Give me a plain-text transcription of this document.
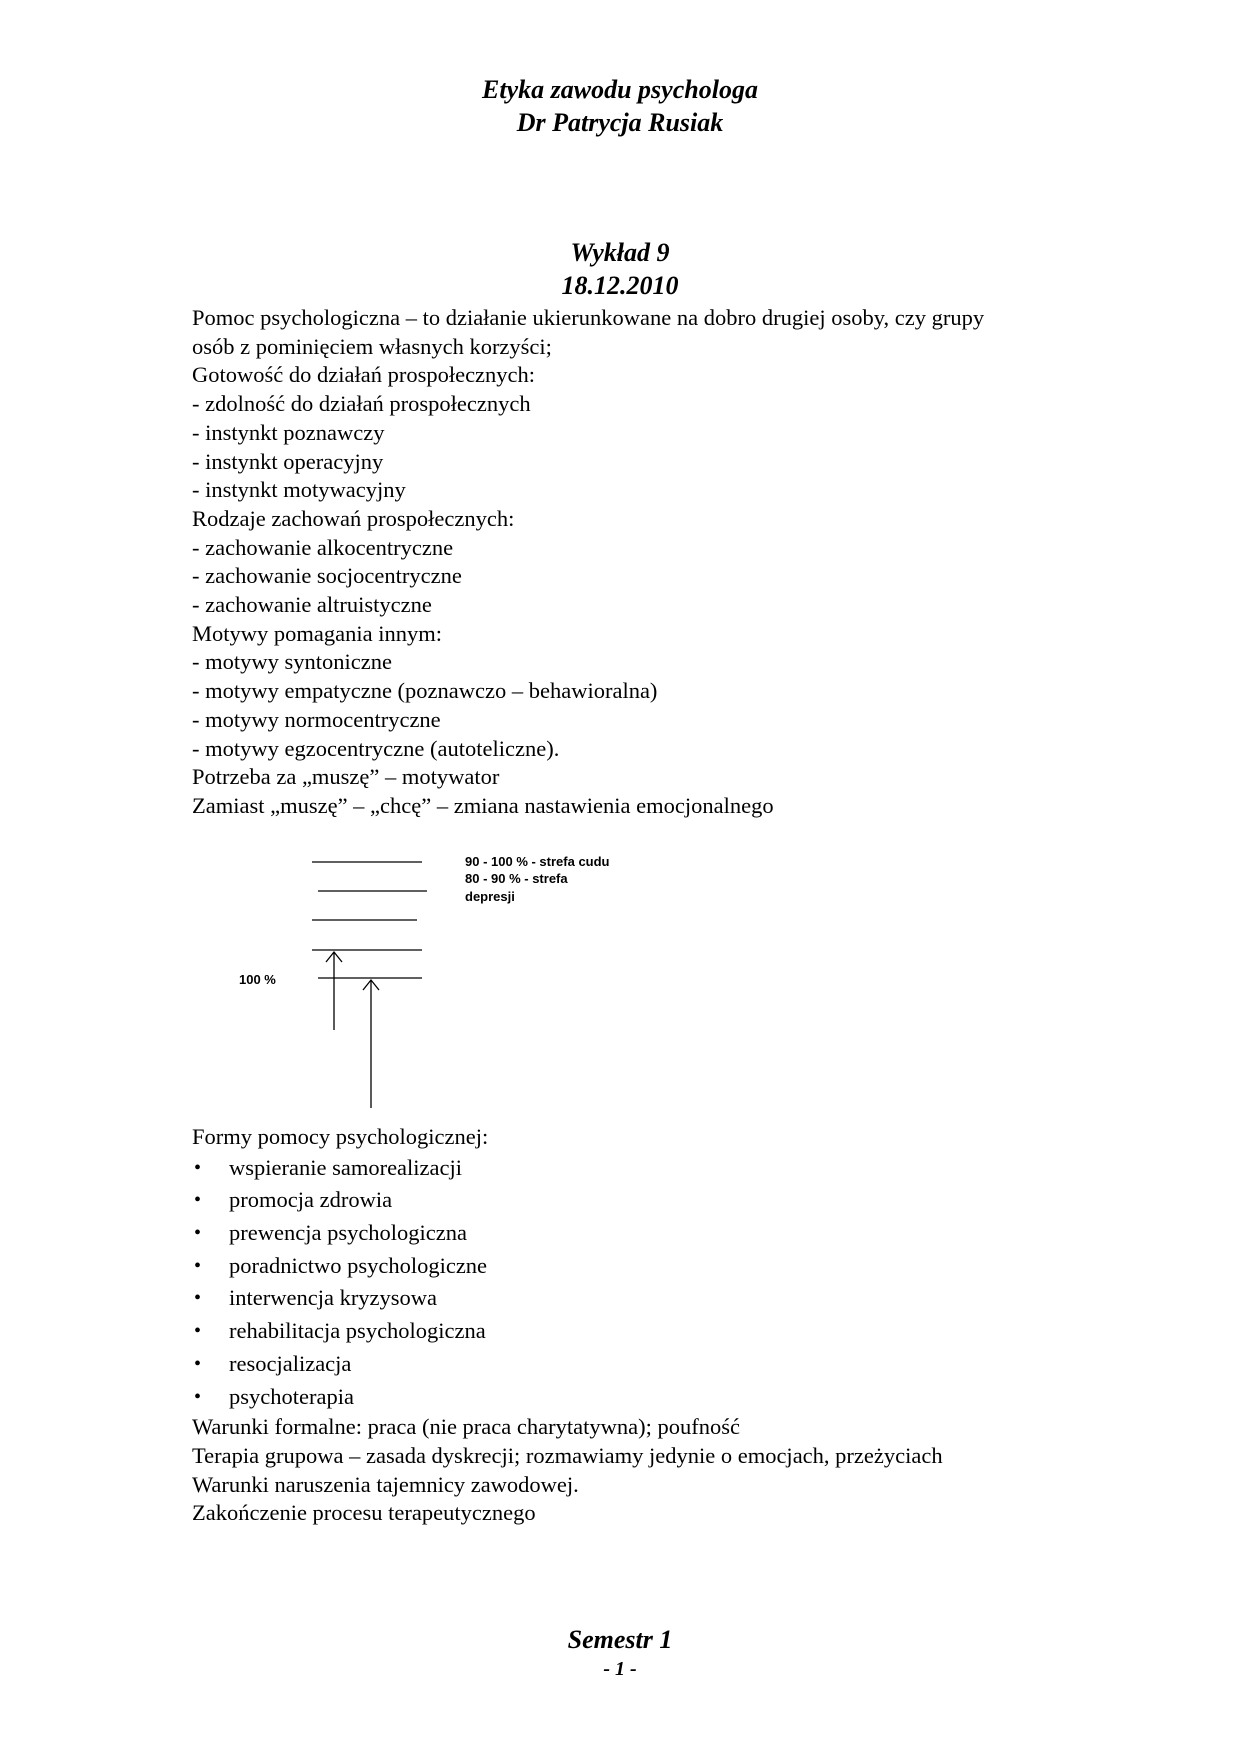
Etyka zawodu psychologa
Dr Patrycja Rusiak
Wykład 9
18.12.2010
Pomoc psychologiczna – to działanie ukierunkowane na dobro drugiej osoby, czy grupy
osób z pominięciem własnych korzyści;
Gotowość do działań prospołecznych:
- zdolność do działań prospołecznych
- instynkt poznawczy
- instynkt operacyjny
- instynkt motywacyjny
Rodzaje zachowań prospołecznych:
- zachowanie alkocentryczne
- zachowanie socjocentryczne
- zachowanie altruistyczne
Motywy pomagania innym:
- motywy syntoniczne
- motywy empatyczne (poznawczo – behawioralna)
- motywy normocentryczne
- motywy egzocentryczne (autoteliczne).
Potrzeba za „muszę” – motywator
Zamiast „muszę” – „chcę” – zmiana nastawienia emocjonalnego
90 - 100 % - strefa cudu
80 - 90 % - strefa
depresji
100 %
Formy pomocy psychologicznej:
• wspieranie samorealizacji
• promocja zdrowia
• prewencja psychologiczna
• poradnictwo psychologiczne
• interwencja kryzysowa
• rehabilitacja psychologiczna
• resocjalizacja
• psychoterapia
Warunki formalne: praca (nie praca charytatywna); poufność
Terapia grupowa – zasada dyskrecji; rozmawiamy jedynie o emocjach, przeżyciach
Warunki naruszenia tajemnicy zawodowej.
Zakończenie procesu terapeutycznego
Semestr 1
- 1 -
